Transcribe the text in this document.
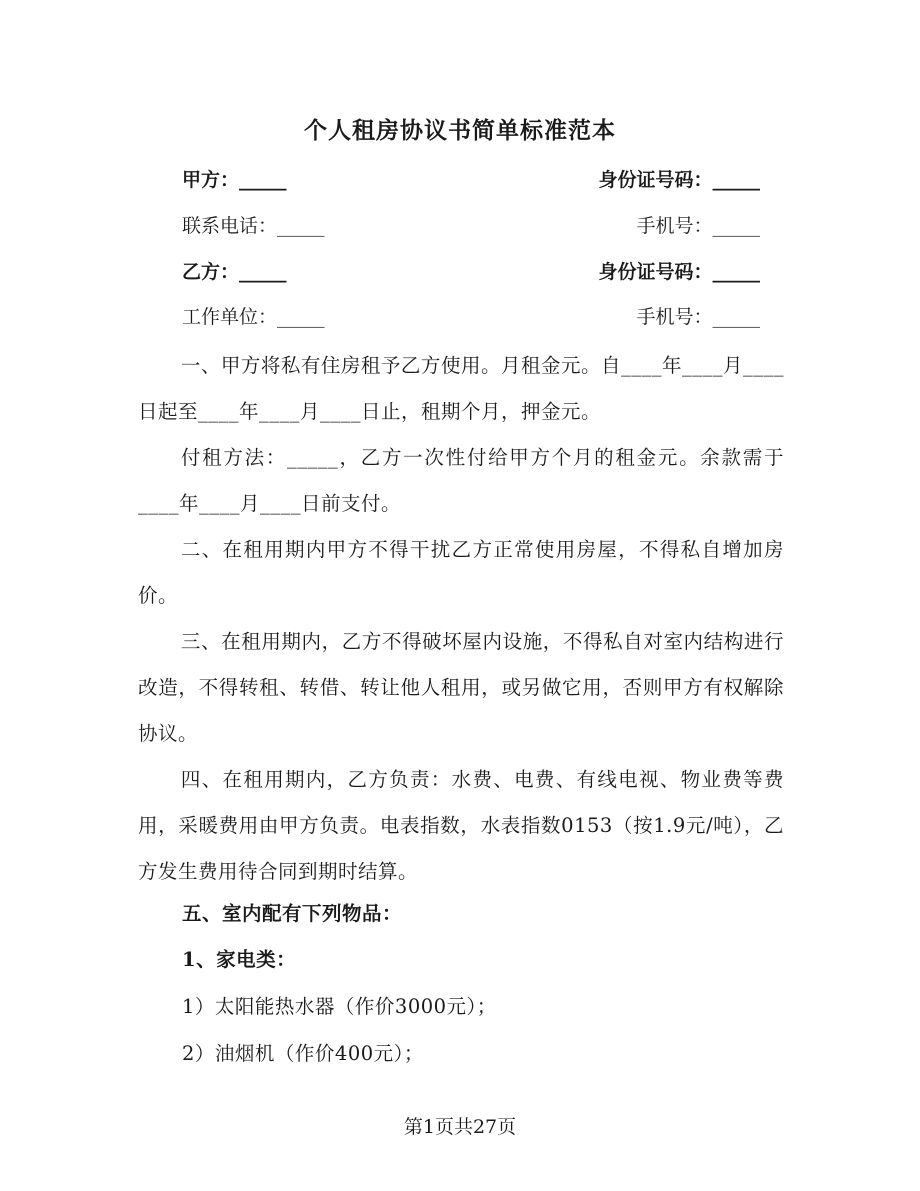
个人租房协议书简单标准范本
甲方：_____	身份证号码：_____
联系电话：_____	手机号：_____
乙方：_____	身份证号码：_____
工作单位：_____	手机号：_____

一、甲方将私有住房租予乙方使用。月租金元。自____年____月____日起至____年____月____日止，租期个月，押金元。

付租方法：_____，乙方一次性付给甲方个月的租金元。余款需于____年____月____日前支付。

二、在租用期内甲方不得干扰乙方正常使用房屋，不得私自增加房价。

三、在租用期内，乙方不得破坏屋内设施，不得私自对室内结构进行改造，不得转租、转借、转让他人租用，或另做它用，否则甲方有权解除协议。

四、在租用期内，乙方负责：水费、电费、有线电视、物业费等费用，采暖费用由甲方负责。电表指数，水表指数0153（按1.9元/吨），乙方发生费用待合同到期时结算。

五、室内配有下列物品：
1、家电类：
1）太阳能热水器（作价3000元）；
2）油烟机（作价400元）；
第1页共27页
